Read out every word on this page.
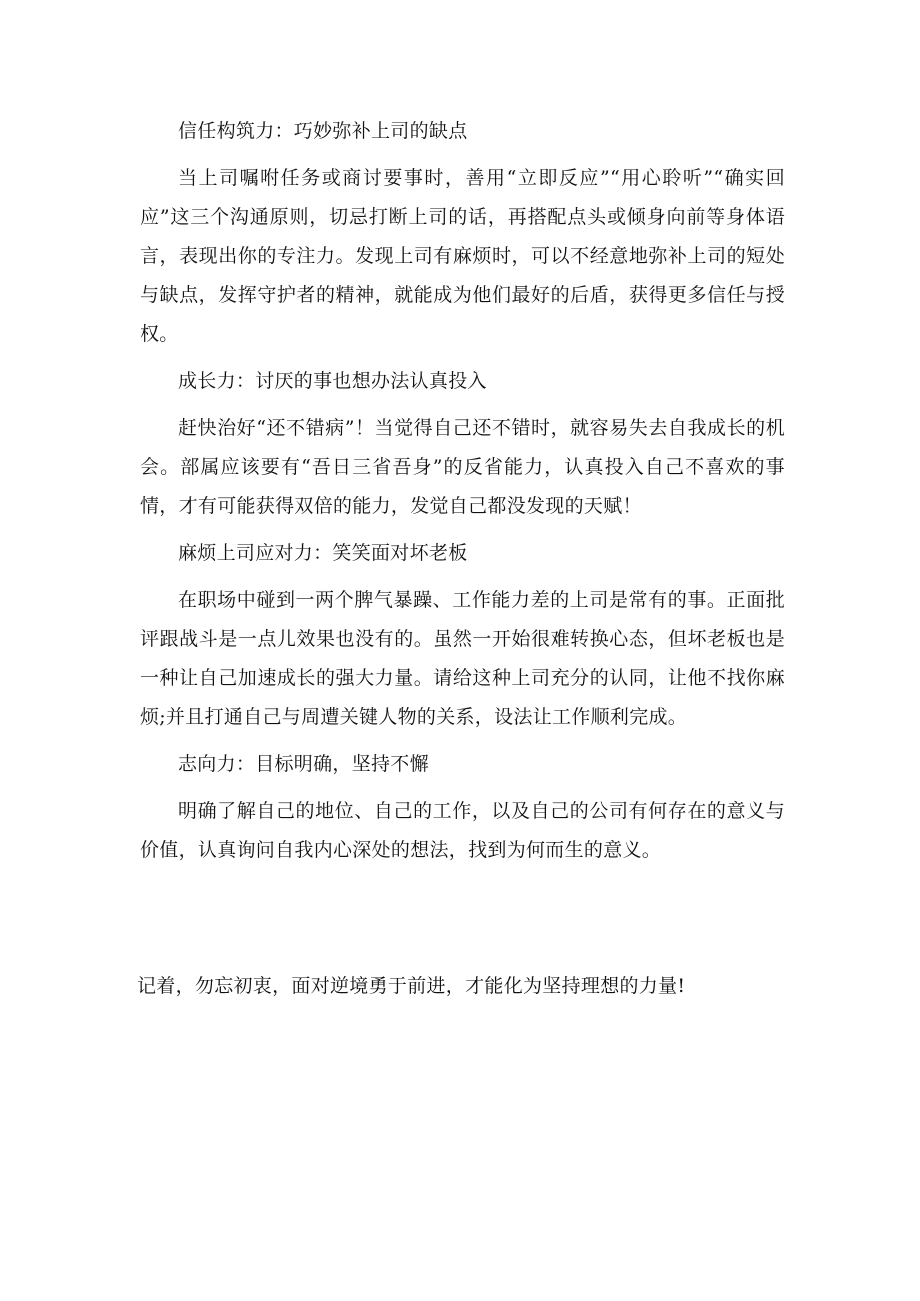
信任构筑力：巧妙弥补上司的缺点

当上司嘱咐任务或商讨要事时，善用“立即反应”“用心聆听”“确实回应”这三个沟通原则，切忌打断上司的话，再搭配点头或倾身向前等身体语言，表现出你的专注力。发现上司有麻烦时，可以不经意地弥补上司的短处与缺点，发挥守护者的精神，就能成为他们最好的后盾，获得更多信任与授权。

成长力：讨厌的事也想办法认真投入

赶快治好“还不错病”！当觉得自己还不错时，就容易失去自我成长的机会。部属应该要有“吾日三省吾身”的反省能力，认真投入自己不喜欢的事情，才有可能获得双倍的能力，发觉自己都没发现的天赋！

麻烦上司应对力：笑笑面对坏老板

在职场中碰到一两个脾气暴躁、工作能力差的上司是常有的事。正面批评跟战斗是一点儿效果也没有的。虽然一开始很难转换心态，但坏老板也是一种让自己加速成长的强大力量。请给这种上司充分的认同，让他不找你麻烦;并且打通自己与周遭关键人物的关系，设法让工作顺利完成。

志向力：目标明确，坚持不懈

明确了解自己的地位、自己的工作，以及自己的公司有何存在的意义与价值，认真询问自我内心深处的想法，找到为何而生的意义。

记着，勿忘初衷，面对逆境勇于前进，才能化为坚持理想的力量!
